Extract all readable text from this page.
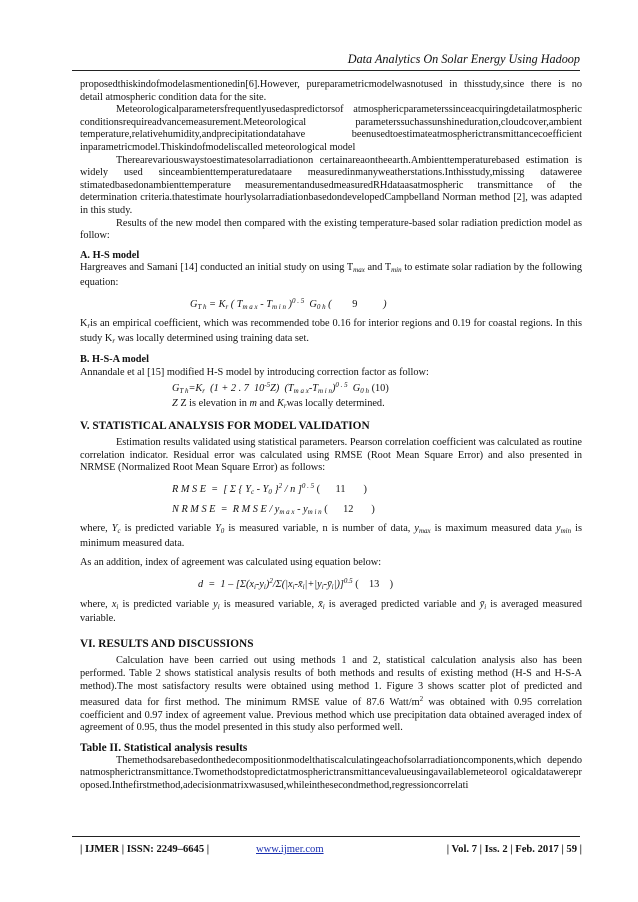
Data Analytics On Solar Energy Using Hadoop

proposedthiskindofmodelasmentionedin[6].However, pureparametricmodelwasnotused in thisstudy,since there is no detail atmospheric condition data for the site.

Meteorologicalparametersfrequentlyusedaspredictorsof atmosphericparameterssinceacquiringdetailatmospheric conditionsrequireadvancemeasurement.Meteorological parameterssuchassunshineduration,cloudcover,ambient temperature,relativehumidity,andprecipitationdatahave beenusedtoestimateatmospherictransmittancecoefficient inparametricmodel.Thiskindofmodeliscalled meteorological model

Therearevariouswaystoestimatesolarradiationon certainareaontheearth.Ambienttemperaturebased estimation is widely used sinceambienttemperaturedataare measuredinmanyweatherstations.Inthisstudy,missing dataweree stimatedbasedonambienttemperature measurementandusedmeasuredRHdataasatmospheric transmittance of the determination criteria.thatestimate hourlysolarradiationbasedondevelopedCampbelland Norman method [2], was adapted in this study.

Results of the new model then compared with the existing temperature-based solar radiation prediction model as follow:

A. H-S model

Hargreaves and Samani [14] conducted an initial study on using $T_{max}$ and $T_{min}$ to estimate solar radiation by the following equation:

$G_{T h} = K_r$ ( $T_{m a x} - T_{m i n}$ )$^{0 . 5}$  $G_{0 h}$ (        9          )

$K_ris$ an empirical coefficient, which was recommended tobe 0.16 for interior regions and 0.19 for coastal regions. In this study $K_r$ was locally determined using training data set.

B. H-S-A model

Annandale et al [15] modified H-S model by introducing correction factor as follow:

$G_{T h}=K_r$  (1 + 2 . 7  $10^{-5}Z$)  $(T_{m a x}-T_{m i n})^{0 . 5}$  $G_{0 h}$ (10)

Z Z is elevation in m and $K_rwas$ locally determined.

V. STATISTICAL ANALYSIS FOR MODEL VALIDATION

Estimation results validated using statistical parameters. Pearson correlation coefficient was calculated as routine correlation indicator. Residual error was calculated using RMSE (Root Mean Square Error) and also presented in NRMSE (Normalized Root Mean Square Error) as follows:

R M S E  =  [ Σ { $Y_c - Y_0$ }$^2$ / n ]$^{0 . 5}$ (      11       )

N R M S E  =  R M S E / $y_{m a x} - y_{m i n}$ (      12       )

where, $Y_c$ is predicted variable $Y_0$ is measured variable, n is number of data, $y_{max}$ is maximum measured data $y_{min}$ is minimum measured data.

As an addition, index of agreement was calculated using equation below:

$d = 1 - [\Sigma(x_i-y_i)^2/\Sigma(|x_i-x̄_i|+|y_i-ȳ_i|)]^{0.5}$ (    13    )

where, $x_i$ is predicted variable $y_i$ is measured variable, $x̄_i$ is averaged predicted variable and $ȳ_i$ is averaged measured variable.

VI. RESULTS AND DISCUSSIONS

Calculation have been carried out using methods 1 and 2, statistical calculation analysis also has been performed. Table 2 shows statistical analysis results of both methods and results of existing method (H-S and H-S-A method).The most satisfactory results were obtained using method 1. Figure 3 shows scatter plot of predicted and measured data for first method. The minimum RMSE value of 87.6 Watt/$m^2$ was obtained with 0.95 correlation coefficient and 0.97 index of agreement value. Previous method which use precipitation data obtained averaged index of agreement of 0.95, thus the model presented in this study also performed well.

Table II. Statistical analysis results

Themethodsarebasedonthedecompositionmodelthatiscalculatingeachofsolarradiationcomponents,which dependonatmospherictransmittance.Twomethodstopredictatmospherictransmittancevalueusingavailablemeteorol ogicaldatawereproposed.Inthefirstmethod,adecisionmatrixwasused,whileinthesecondmethod,regressioncorrelati

| IJMER | ISSN: 2249–6645 |	www.ijmer.com	| Vol. 7 | Iss. 2 | Feb. 2017 | 59 |
